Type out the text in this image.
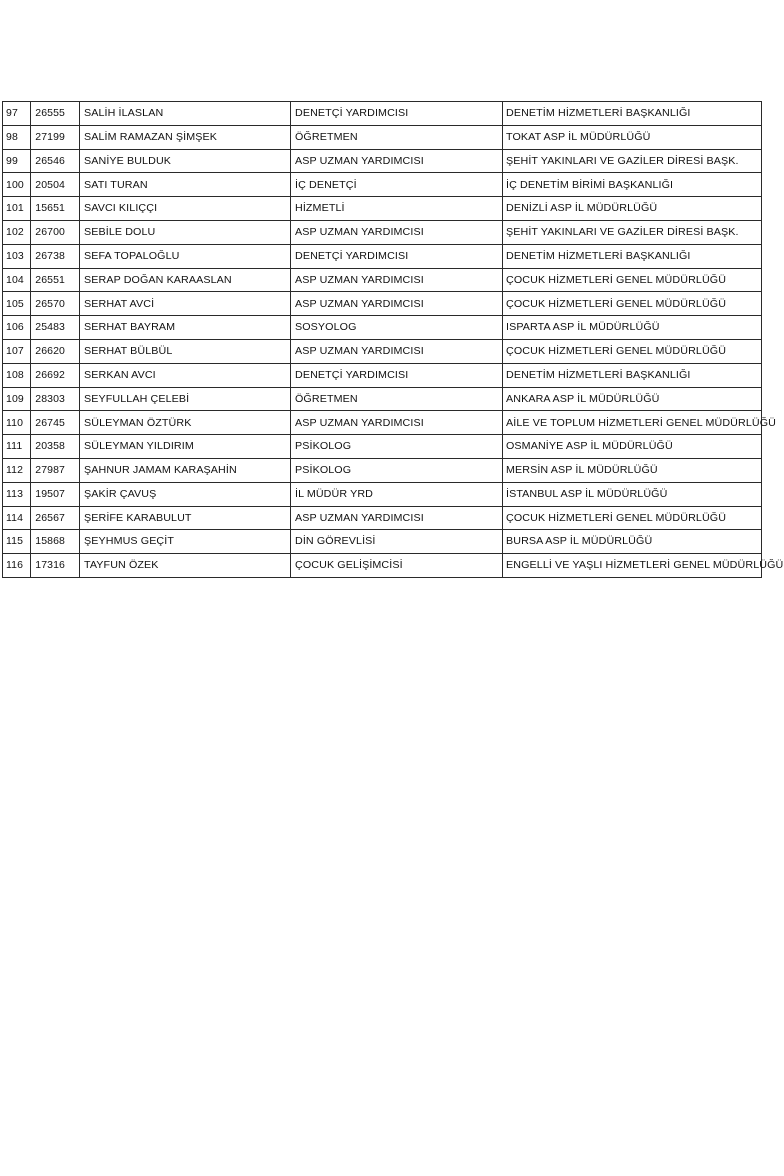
97	26555	SALİH İLASLAN	DENETÇİ YARDIMCISI	DENETİM HİZMETLERİ BAŞKANLIĞI
98	27199	SALİM RAMAZAN ŞİMŞEK	ÖĞRETMEN	TOKAT ASP İL MÜDÜRLÜĞÜ
99	26546	SANİYE BULDUK	ASP UZMAN YARDIMCISI	ŞEHİT YAKINLARI VE GAZİLER DİRESİ BAŞK.
100	20504	SATI TURAN	İÇ DENETÇİ	İÇ DENETİM BİRİMİ BAŞKANLIĞI
101	15651	SAVCI KILIÇÇI	HİZMETLİ	DENİZLİ ASP İL MÜDÜRLÜĞÜ
102	26700	SEBİLE DOLU	ASP UZMAN YARDIMCISI	ŞEHİT YAKINLARI VE GAZİLER DİRESİ BAŞK.
103	26738	SEFA TOPALOĞLU	DENETÇİ YARDIMCISI	DENETİM HİZMETLERİ BAŞKANLIĞI
104	26551	SERAP DOĞAN KARAASLAN	ASP UZMAN YARDIMCISI	ÇOCUK HİZMETLERİ GENEL MÜDÜRLÜĞÜ
105	26570	SERHAT AVCİ	ASP UZMAN YARDIMCISI	ÇOCUK HİZMETLERİ GENEL MÜDÜRLÜĞÜ
106	25483	SERHAT BAYRAM	SOSYOLOG	ISPARTA ASP İL MÜDÜRLÜĞÜ
107	26620	SERHAT BÜLBÜL	ASP UZMAN YARDIMCISI	ÇOCUK HİZMETLERİ GENEL MÜDÜRLÜĞÜ
108	26692	SERKAN AVCI	DENETÇİ YARDIMCISI	DENETİM HİZMETLERİ BAŞKANLIĞI
109	28303	SEYFULLAH ÇELEBİ	ÖĞRETMEN	ANKARA ASP İL MÜDÜRLÜĞÜ
110	26745	SÜLEYMAN ÖZTÜRK	ASP UZMAN YARDIMCISI	AİLE VE TOPLUM HİZMETLERİ GENEL MÜDÜRLÜĞÜ
111	20358	SÜLEYMAN YILDIRIM	PSİKOLOG	OSMANİYE ASP İL MÜDÜRLÜĞÜ
112	27987	ŞAHNUR JAMAM KARAŞAHİN	PSİKOLOG	MERSİN ASP İL MÜDÜRLÜĞÜ
113	19507	ŞAKİR ÇAVUŞ	İL MÜDÜR YRD	İSTANBUL ASP İL MÜDÜRLÜĞÜ
114	26567	ŞERİFE KARABULUT	ASP UZMAN YARDIMCISI	ÇOCUK HİZMETLERİ GENEL MÜDÜRLÜĞÜ
115	15868	ŞEYHMUS GEÇİT	DİN GÖREVLİSİ	BURSA ASP İL MÜDÜRLÜĞÜ
116	17316	TAYFUN ÖZEK	ÇOCUK GELİŞİMCİSİ	ENGELLİ VE YAŞLI HİZMETLERİ GENEL MÜDÜRLÜĞÜ
